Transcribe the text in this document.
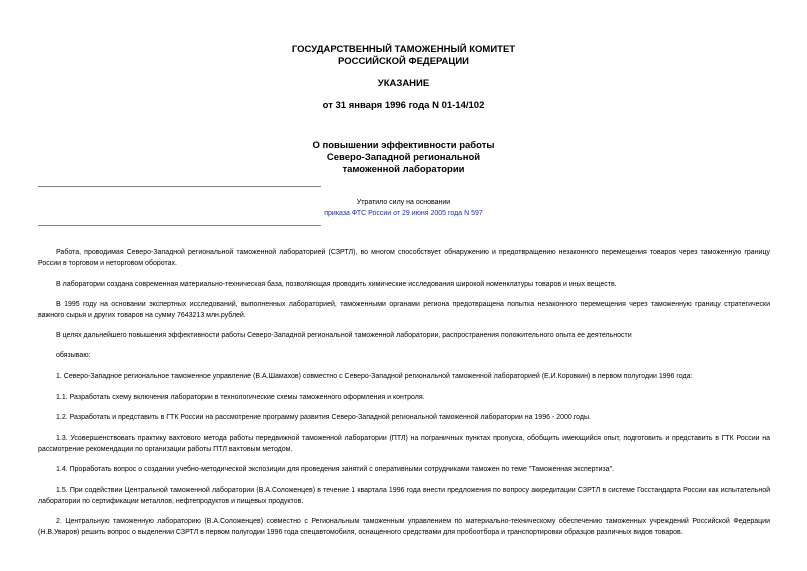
ГОСУДАРСТВЕННЫЙ ТАМОЖЕННЫЙ КОМИТЕТ
РОССИЙСКОЙ ФЕДЕРАЦИИ
УКАЗАНИЕ
от 31 января 1996 года N 01-14/102
О повышении эффективности работы
Северо-Западной региональной
таможенной лаборатории
Утратило силу на основании
приказа ФТС России от 29 июня 2005 года N 597
Работа, проводимая Северо-Западной региональной таможенной лабораторией (СЗРТЛ), во многом способствует обнаружению и предотвращению незаконного перемещения товаров через таможенную границу России в торговом и неторговом оборотах.
В лаборатории создана современная материально-техническая база, позволяющая проводить химические исследования широкой номенклатуры товаров и иных веществ.
В 1995 году на основании экспертных исследований, выполненных лабораторией, таможенными органами региона предотвращена попытка незаконного перемещения через таможенную границу стратегически важного сырья и других товаров на сумму 7643213 млн.рублей.
В целях дальнейшего повышения эффективности работы Северо-Западной региональной таможенной лаборатории, распространения положительного опыта ее деятельности
обязываю:
1. Северо-Западное региональное таможенное управление (В.А.Шамахов) совместно с Северо-Западной региональной таможенной лабораторией (Е.И.Коровкин) в первом полугодии 1996 года:
1.1. Разработать схему включения лаборатории в технологические схемы таможенного оформления и контроля.
1.2. Разработать и представить в ГТК России на рассмотрение программу развития Северо-Западной региональной таможенной лаборатории на 1996 - 2000 годы.
1.3. Усовершенствовать практику вахтового метода работы передвижной таможенной лаборатории (ПТЛ) на пограничных пунктах пропуска, обобщить имеющийся опыт, подготовить и представить в ГТК России на рассмотрение рекомендации по организации работы ПТЛ вахтовым методом.
1.4. Проработать вопрос о создании учебно-методической экспозиции для проведения занятий с оперативными сотрудниками таможен по теме "Таможенная экспертиза".
1.5. При содействии Центральной таможенной лаборатории (В.А.Соложенцев) в течение 1 квартала 1996 года внести предложения по вопросу аккредитации СЗРТЛ в системе Госстандарта России как испытательной лаборатории по сертификации металлов, нефтепродуктов и пищевых продуктов.
2. Центральную таможенную лабораторию (В.А.Соложенцев) совместно с Региональным таможенным управлением по материально-техническому обеспечению таможенных учреждений Российской Федерации (Н.В.Уваров) решить вопрос о выделении СЗРТЛ в первом полугодии 1996 года спецавтомобиля, оснащенного средствами для пробоотбора и транспортировки образцов различных видов товаров.
